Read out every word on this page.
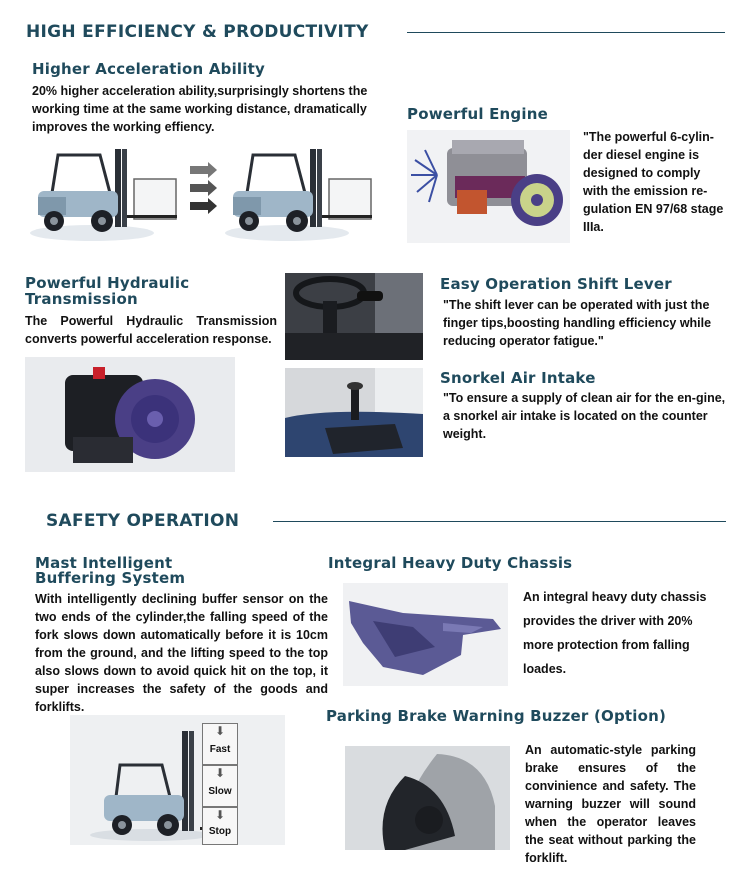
HIGH EFFICIENCY & PRODUCTIVITY
Higher Acceleration Ability
20% higher acceleration ability,surprisingly shortens the working time at the same working distance, dramatically improves the working effiency.
Powerful Engine
"The powerful 6-cylin-der diesel engine is designed to comply with the emission re-gulation EN 97/68 stage IIIa.
Powerful Hydraulic
Transmission
The Powerful Hydraulic Transmission converts powerful acceleration response.
Easy Operation Shift Lever
"The shift lever can be operated with just the finger tips,boosting handling efficiency while reducing operator fatigue."
Snorkel Air Intake
"To ensure a supply of clean air for the en-gine, a snorkel air intake is located on the counter weight.
SAFETY OPERATION
Mast Intelligent
Buffering System
With intelligently declining buffer sensor on the two ends of the cylinder,the falling speed of the fork slows down automatically before it is 10cm from the ground, and the lifting speed to the top also slows down to avoid quick hit on the top, it super increases the safety of the goods and forklifts.
⬇
Fast
⬇
Slow
⬇
Stop
Integral Heavy Duty Chassis
An integral heavy duty chassis provides the driver with 20% more protection from falling loades.
Parking Brake Warning Buzzer (Option)
An automatic-style parking brake ensures of the convinience and safety. The warning buzzer will sound when the operator leaves the seat without parking the forklift.
